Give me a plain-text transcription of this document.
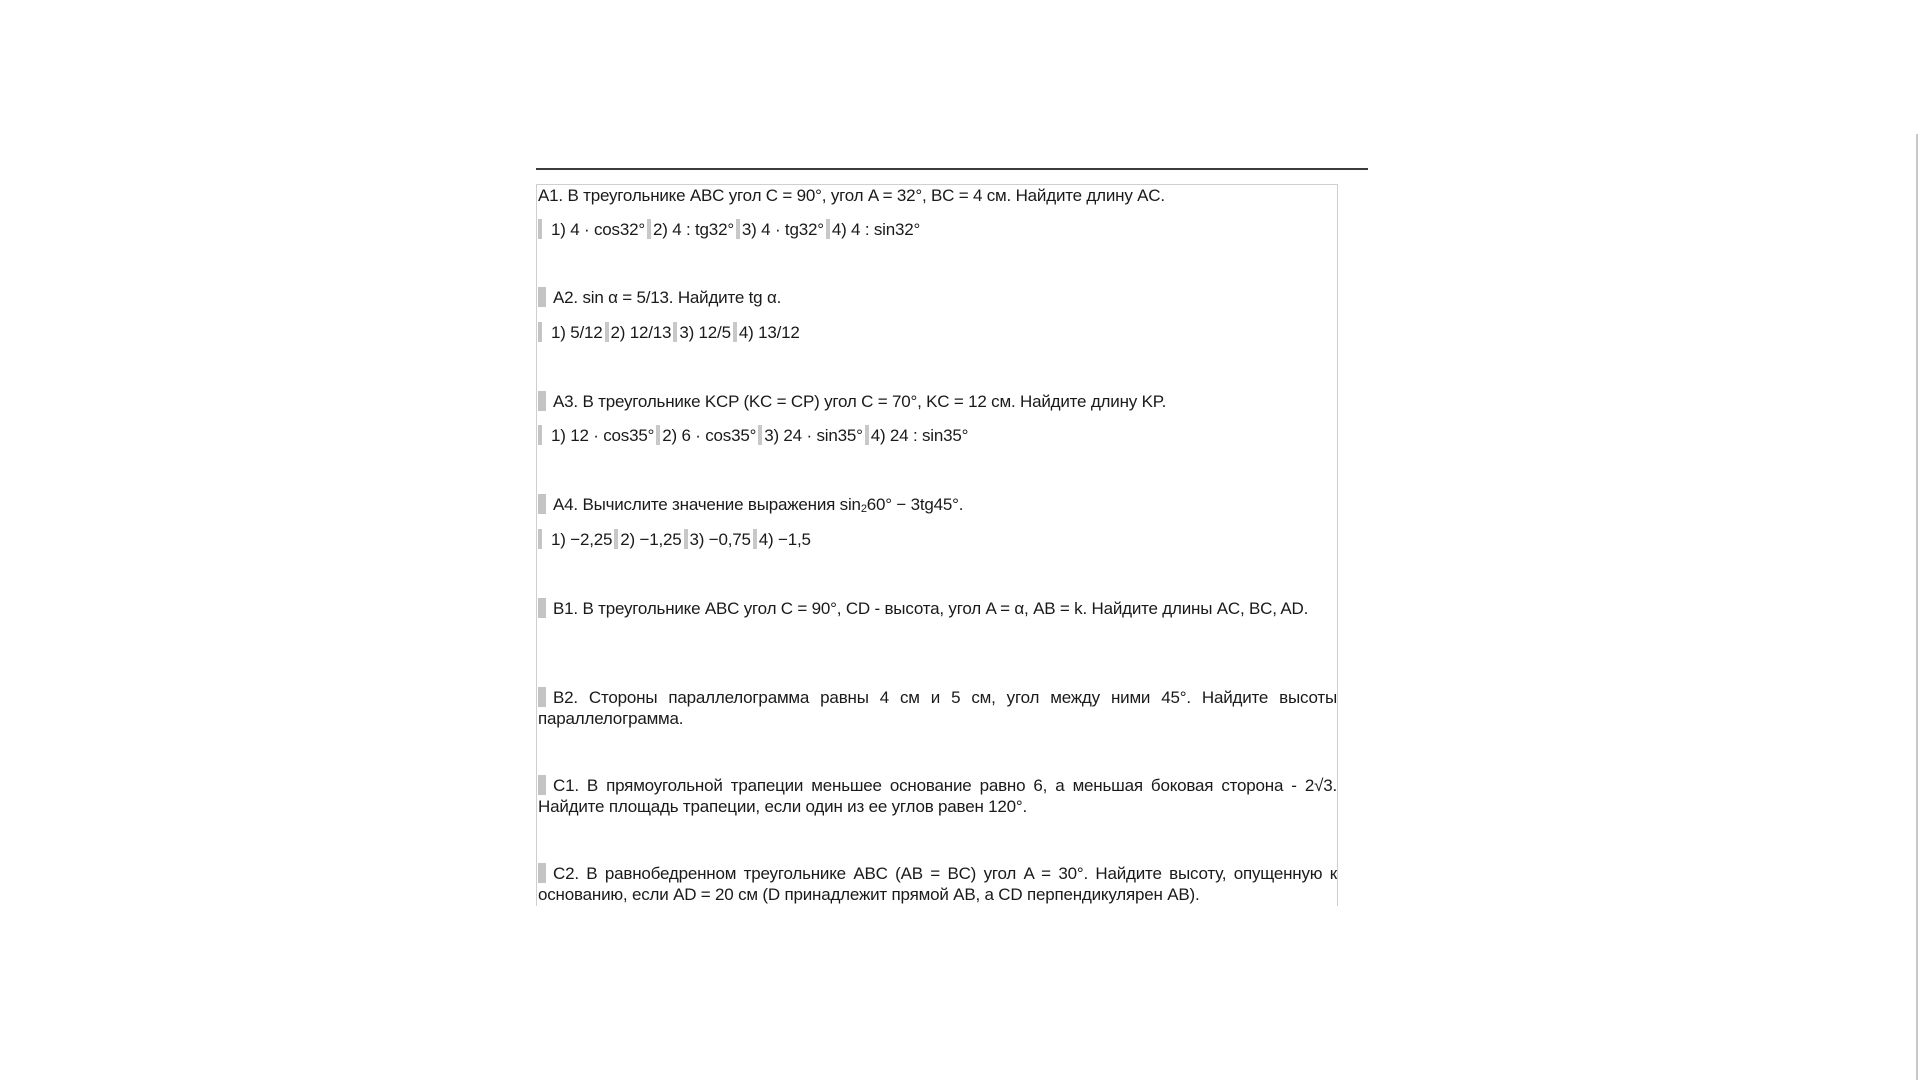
A1. В треугольнике ABC угол C = 90°, угол A = 32°, BC = 4 см. Найдите длину AC.
1) 4 · cos32° 2) 4 : tg32° 3) 4 · tg32° 4) 4 : sin32°
A2. sin α = 5/13. Найдите tg α.
1) 5/12 2) 12/13 3) 12/5 4) 13/12
A3. В треугольнике KCP (KC = CP) угол C = 70°, KC = 12 см. Найдите длину KP.
1) 12 · cos35° 2) 6 · cos35° 3) 24 · sin35° 4) 24 : sin35°
A4. Вычислите значение выражения sin260° − 3tg45°.
1) −2,25 2) −1,25 3) −0,75 4) −1,5
B1. В треугольнике ABC угол C = 90°, CD - высота, угол A = α, AB = k. Найдите длины AC, BC, AD.
B2. Стороны параллелограмма равны 4 см и 5 см, угол между ними 45°. Найдите высоты параллелограмма.
C1. В прямоугольной трапеции меньшее основание равно 6, а меньшая боковая сторона - 2√3. Найдите площадь трапеции, если один из ее углов равен 120°.
C2. В равнобедренном треугольнике ABC (AB = BC) угол A = 30°. Найдите высоту, опущенную к основанию, если AD = 20 см (D принадлежит прямой AB, а CD перпендикулярен AB).
